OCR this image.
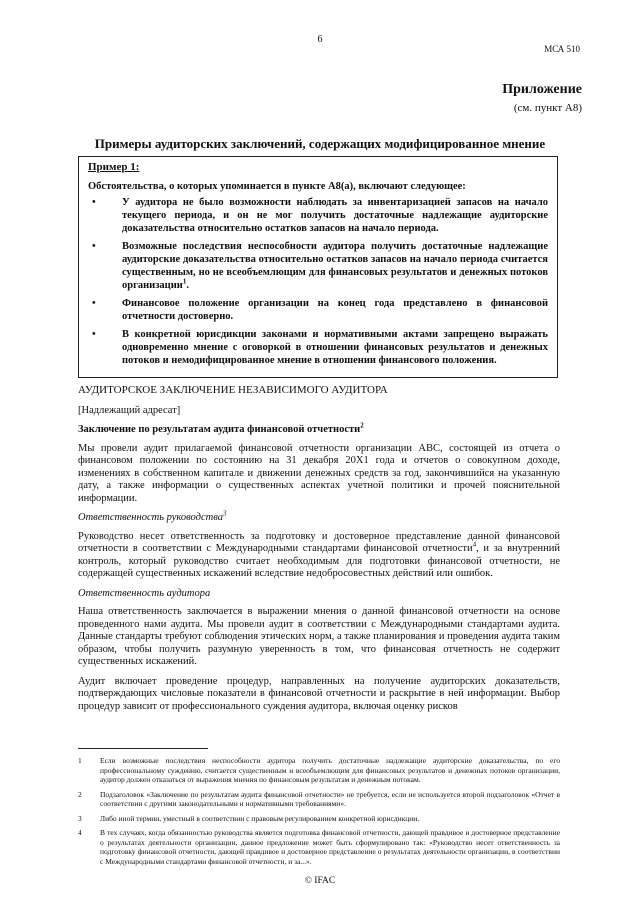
6
МСА 510
Приложение
(см. пункт А8)
Примеры аудиторских заключений, содержащих модифицированное мнение
Пример 1:
Обстоятельства, о которых упоминается в пункте А8(а), включают следующее:
•	У аудитора не было возможности наблюдать за инвентаризацией запасов на начало текущего периода, и он не мог получить достаточные надлежащие аудиторские доказательства относительно остатков запасов на начало периода.
•	Возможные последствия неспособности аудитора получить достаточные надлежащие аудиторские доказательства относительно остатков запасов на начало периода считается существенным, но не всеобъемлющим для финансовых результатов и денежных потоков организации$^1$.
•	Финансовое положение организации на конец года представлено в финансовой отчетности достоверно.
•	В конкретной юрисдикции законами и нормативными актами запрещено выражать одновременно мнение с оговоркой в отношении финансовых результатов и денежных потоков и немодифицированное мнение в отношении финансового положения.

АУДИТОРСКОЕ ЗАКЛЮЧЕНИЕ НЕЗАВИСИМОГО АУДИТОРА

[Надлежащий адресат]

Заключение по результатам аудита финансовой отчетности$^2$

Мы провели аудит прилагаемой финансовой отчетности организации АВС, состоящей из отчета о финансовом положении по состоянию на 31 декабря 20Х1 года и отчетов о совокупном доходе, изменениях в собственном капитале и движении денежных средств за год, закончившийся на указанную дату, а также информации о существенных аспектах учетной политики и прочей пояснительной информации.

Ответственность руководства$^3$

Руководство несет ответственность за подготовку и достоверное представление данной финансовой отчетности в соответствии с Международными стандартами финансовой отчетности$^4$, и за внутренний контроль, который руководство считает необходимым для подготовки финансовой отчетности, не содержащей существенных искажений вследствие недобросовестных действий или ошибок.

Ответственность аудитора

Наша ответственность заключается в выражении мнения о данной финансовой отчетности на основе проведенного нами аудита. Мы провели аудит в соответствии с Международными стандартами аудита. Данные стандарты требуют соблюдения этических норм, а также планирования и проведения аудита таким образом, чтобы получить разумную уверенность в том, что финансовая отчетность не содержит существенных искажений.

Аудит включает проведение процедур, направленных на получение аудиторских доказательств, подтверждающих числовые показатели в финансовой отчетности и раскрытие в ней информации. Выбор процедур зависит от профессионального суждения аудитора, включая оценку рисков

1 Если возможные последствия неспособности аудитора получить достаточные надлежащие аудиторские доказательства, по его профессиональному суждению, считается существенным и всеобъемлющим для финансовых результатов и денежных потоков организации, аудитор должен отказаться от выражения мнения по финансовым результатам и денежным потокам.
2 Подзаголовок «Заключение по результатам аудита финансовой отчетности» не требуется, если не используется второй подзаголовок «Отчет в соответствии с другими законодательными и нормативными требованиями».
3 Либо иной термин, уместный в соответствии с правовым регулированием конкретной юрисдикции.
4 В тех случаях, когда обязанностью руководства является подготовка финансовой отчетности, дающей правдивое и достоверное представление о результатах деятельности организации, данное предложение может быть сформулировано так: «Руководство несет ответственность за подготовку финансовой отчетности, дающей правдивое и достоверное представление о результатах деятельности организации, в соответствии с Международными стандартами финансовой отчетности, и за...».
© IFAC
